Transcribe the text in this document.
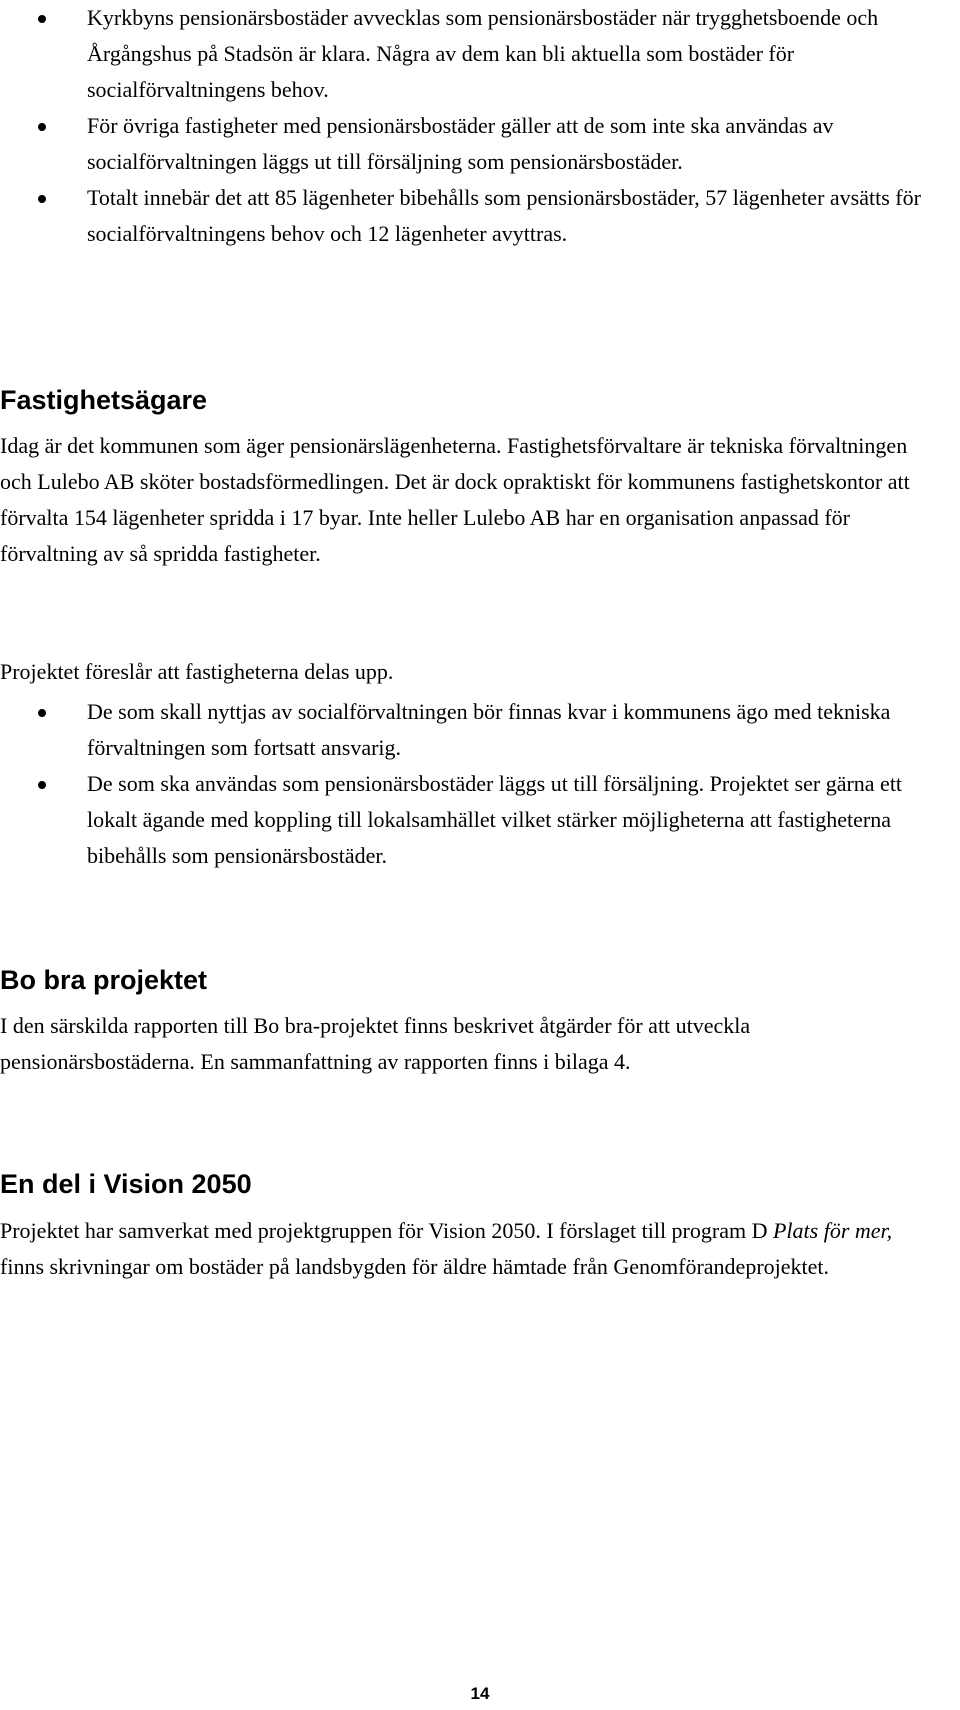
Kyrkbyns pensionärsbostäder avvecklas som pensionärsbostäder när trygghetsboende och Årgångshus på Stadsön är klara. Några av dem kan bli aktuella som bostäder för socialförvaltningens behov.
För övriga fastigheter med pensionärsbostäder gäller att de som inte ska användas av socialförvaltningen läggs ut till försäljning som pensionärsbostäder.
Totalt innebär det att 85 lägenheter bibehålls som pensionärsbostäder, 57 lägenheter avsätts för socialförvaltningens behov och 12 lägenheter avyttras.
Fastighetsägare

Idag är det kommunen som äger pensionärslägenheterna. Fastighetsförvaltare är tekniska förvaltningen och Lulebo AB sköter bostadsförmedlingen. Det är dock opraktiskt för kommunens fastighetskontor att förvalta 154 lägenheter spridda i 17 byar. Inte heller Lulebo AB har en organisation anpassad för förvaltning av så spridda fastigheter.

Projektet föreslår att fastigheterna delas upp.

De som skall nyttjas av socialförvaltningen bör finnas kvar i kommunens ägo med tekniska förvaltningen som fortsatt ansvarig.
De som ska användas som pensionärsbostäder läggs ut till försäljning. Projektet ser gärna ett lokalt ägande med koppling till lokalsamhället vilket stärker möjligheterna att fastigheterna bibehålls som pensionärsbostäder.
Bo bra projektet

I den särskilda rapporten till Bo bra-projektet finns beskrivet åtgärder för att utveckla pensionärsbostäderna. En sammanfattning av rapporten finns i bilaga 4.

En del i Vision 2050

Projektet har samverkat med projektgruppen för Vision 2050. I förslaget till program D Plats för mer, finns skrivningar om bostäder på landsbygden för äldre hämtade från Genomförandeprojektet.

14
